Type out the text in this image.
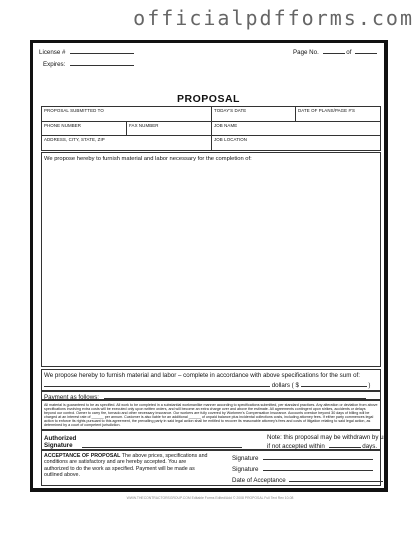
officialpdfforms.com
License #	Page No.	of
Expires:
PROPOSAL
PROPOSAL SUBMITTED TO		TODAY'S DATE	DATE OF PLANS/PAGE #'S
PHONE NUMBER	FAX NUMBER	JOB NAME	
ADDRESS, CITY, STATE, ZIP		JOB LOCATION	
We propose hereby to furnish material and labor necessary for the completion of:
We propose hereby to furnish material and labor – complete in accordance with above specifications for the sum of:
dollars ( $	)
Payment as follows:
All material is guaranteed to be as specified. All work to be completed in a substantial workmanlike manner according to specifications submitted, per standard practices. Any alteration or deviation from above specifications involving extra costs will be executed only upon written orders, and will become an extra charge over and above the estimate. All agreements contingent upon strikes, accidents or delays beyond our control. Owner to carry fire, tornado and other necessary insurance. Our workers are fully covered by Workmen's Compensation Insurance. Accounts overdue beyond 30 days of billing will be charged at an interest rate of ______ per annum. Customer is also liable for an additional ______ of unpaid balance plus incidental collections costs, including attorney fees. If either party commences legal action to enforce its rights pursuant to this agreement, the prevailing party in said legal action shall be entitled to recover its reasonable attorney's fees and costs of litigation relating to said legal action, as determined by a court of competent jurisdiction.
Authorized
Signature
Note: this proposal may be withdrawn by us
if not accepted within	days.
ACCEPTANCE OF PROPOSAL The above prices, specifications and conditions are satisfactory and are hereby accepted. You are authorized to do the work as specified. Payment will be made as outlined above.
Signature
Signature
Date of Acceptance
WWW.THECONTRACTORSGROUP.COM Editable Forms Edited/Add © 2008 PROPOSAL Full Text Rev 10-08
